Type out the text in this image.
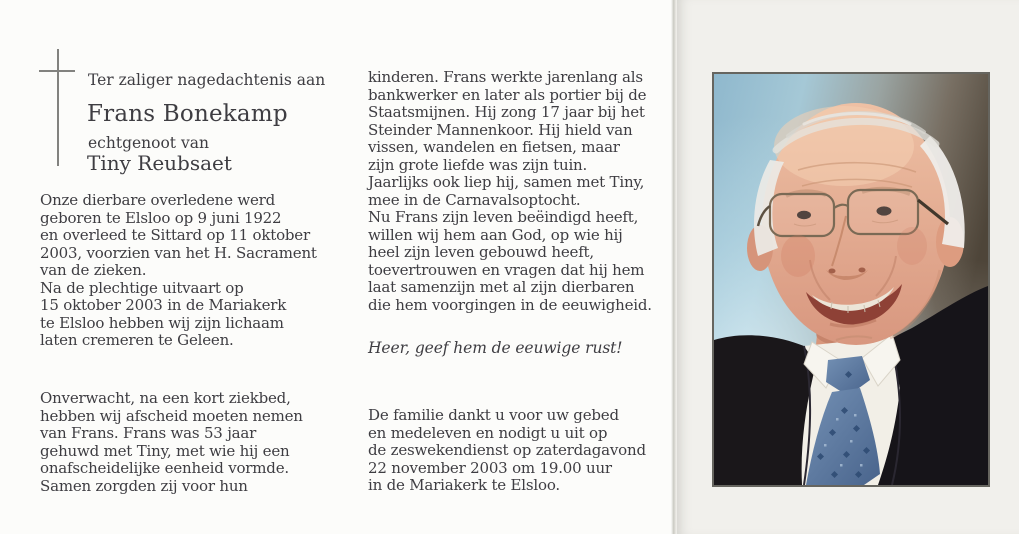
Ter zaliger nagedachtenis aan
Frans Bonekamp
echtgenoot van
Tiny Reubsaet
Onze dierbare overledene werd
geboren te Elsloo op 9 juni 1922
en overleed te Sittard op 11 oktober
2003, voorzien van het H. Sacrament
van de zieken.
Na de plechtige uitvaart op
15 oktober 2003 in de Mariakerk
te Elsloo hebben wij zijn lichaam
laten cremeren te Geleen.
Onverwacht, na een kort ziekbed,
hebben wij afscheid moeten nemen
van Frans. Frans was 53 jaar
gehuwd met Tiny, met wie hij een
onafscheidelijke eenheid vormde.
Samen zorgden zij voor hun
kinderen. Frans werkte jarenlang als
bankwerker en later als portier bij de
Staatsmijnen. Hij zong 17 jaar bij het
Steinder Mannenkoor. Hij hield van
vissen, wandelen en fietsen, maar
zijn grote liefde was zijn tuin.
Jaarlijks ook liep hij, samen met Tiny,
mee in de Carnavalsoptocht.
Nu Frans zijn leven beëindigd heeft,
willen wij hem aan God, op wie hij
heel zijn leven gebouwd heeft,
toevertrouwen en vragen dat hij hem
laat samenzijn met al zijn dierbaren
die hem voorgingen in de eeuwigheid.
Heer, geef hem de eeuwige rust!
De familie dankt u voor uw gebed
en medeleven en nodigt u uit op
de zeswekendienst op zaterdagavond
22 november 2003 om 19.00 uur
in de Mariakerk te Elsloo.
